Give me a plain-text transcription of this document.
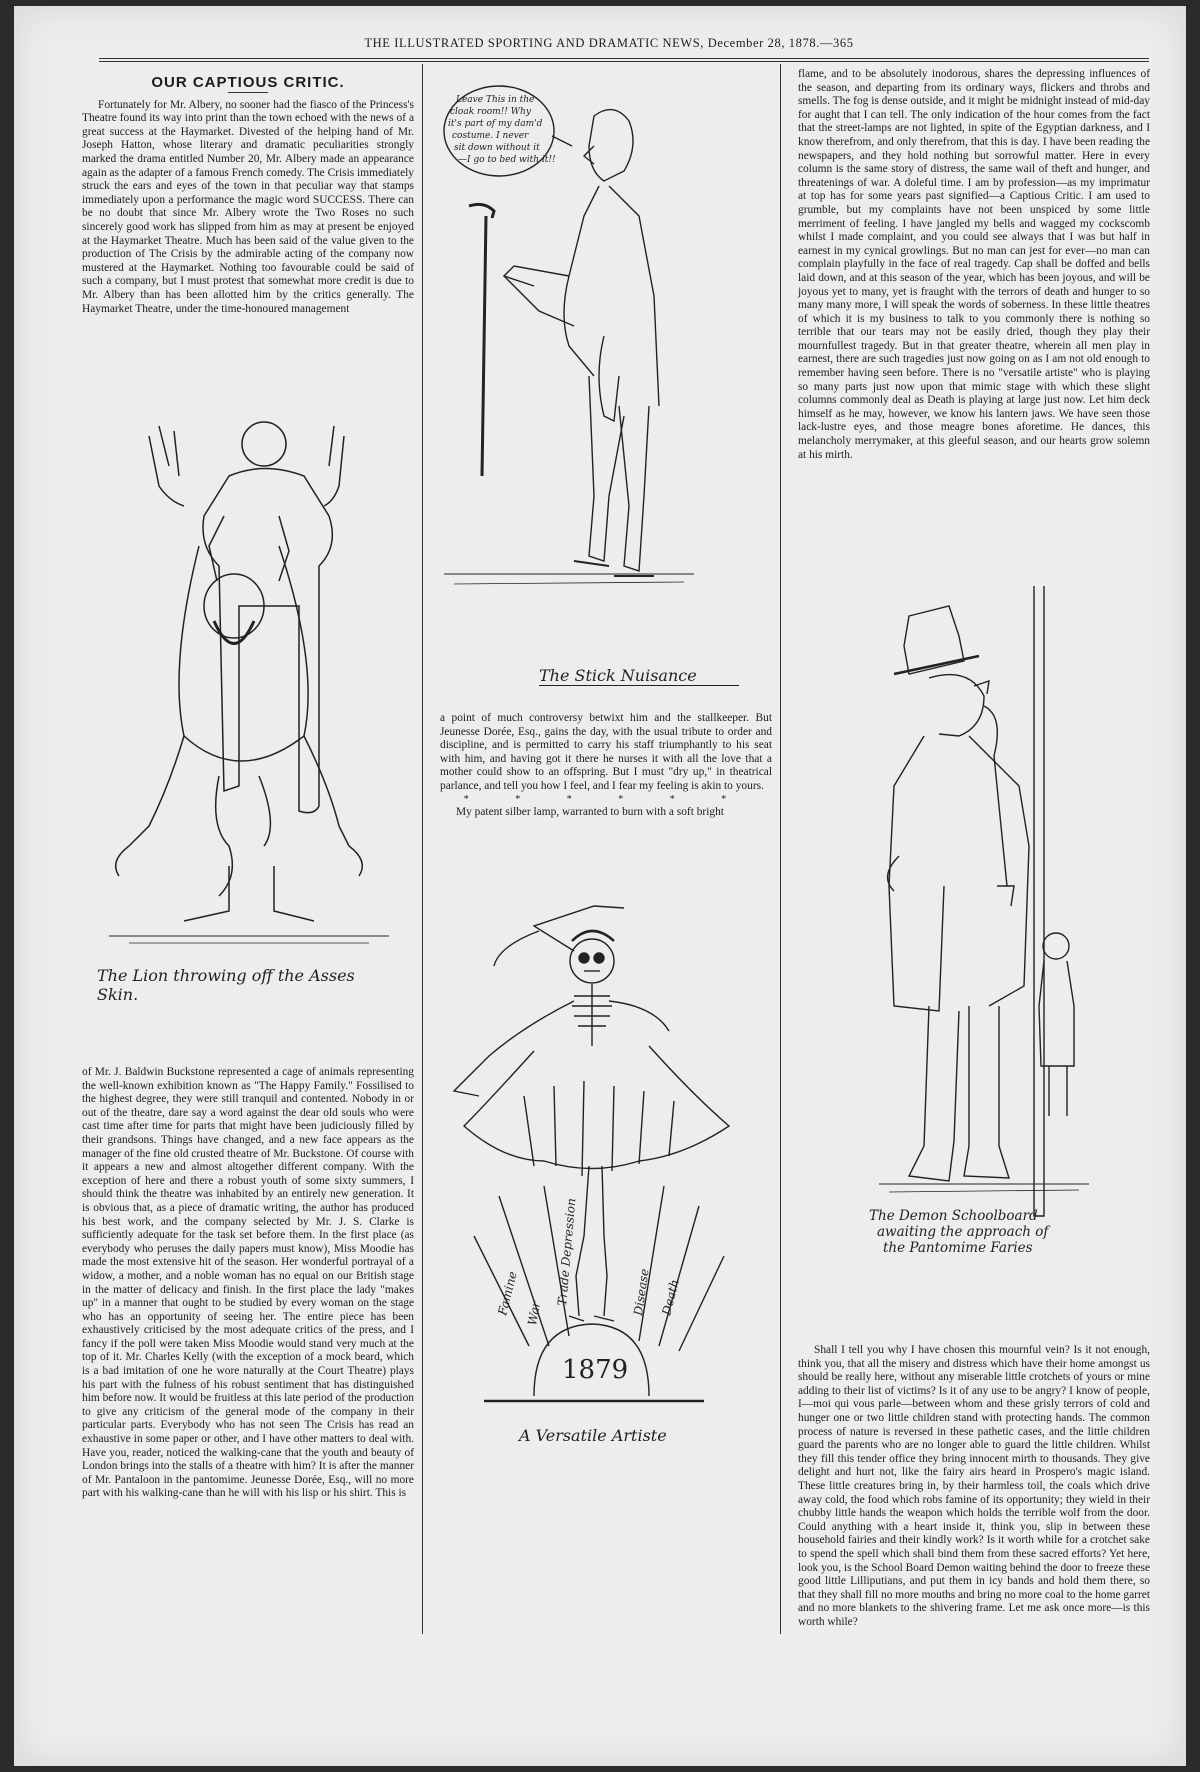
THE ILLUSTRATED SPORTING AND DRAMATIC NEWS, December 28, 1878.—365
OUR CAPTIOUS CRITIC.

Fortunately for Mr. Albery, no sooner had the fiasco of the Princess's Theatre found its way into print than the town echoed with the news of a great success at the Haymarket. Divested of the helping hand of Mr. Joseph Hatton, whose literary and dramatic peculiarities strongly marked the drama entitled Number 20, Mr. Albery made an appearance again as the adapter of a famous French comedy. The Crisis immediately struck the ears and eyes of the town in that peculiar way that stamps immediately upon a performance the magic word SUCCESS. There can be no doubt that since Mr. Albery wrote the Two Roses no such sincerely good work has slipped from him as may at present be enjoyed at the Haymarket Theatre. Much has been said of the value given to the production of The Crisis by the admirable acting of the company now mustered at the Haymarket. Nothing too favourable could be said of such a company, but I must protest that somewhat more credit is due to Mr. Albery than has been allotted him by the critics generally. The Haymarket Theatre, under the time-honoured management

The Lion throwing off the Asses Skin.

of Mr. J. Baldwin Buckstone represented a cage of animals representing the well-known exhibition known as "The Happy Family." Fossilised to the highest degree, they were still tranquil and contented. Nobody in or out of the theatre, dare say a word against the dear old souls who were cast time after time for parts that might have been judiciously filled by their grandsons. Things have changed, and a new face appears as the manager of the fine old crusted theatre of Mr. Buckstone. Of course with it appears a new and almost altogether different company. With the exception of here and there a robust youth of some sixty summers, I should think the theatre was inhabited by an entirely new generation. It is obvious that, as a piece of dramatic writing, the author has produced his best work, and the company selected by Mr. J. S. Clarke is sufficiently adequate for the task set before them. In the first place (as everybody who peruses the daily papers must know), Miss Moodie has made the most extensive hit of the season. Her wonderful portrayal of a widow, a mother, and a noble woman has no equal on our British stage in the matter of delicacy and finish. In the first place the lady "makes up" in a manner that ought to be studied by every woman on the stage who has an opportunity of seeing her. The entire piece has been exhaustively criticised by the most adequate critics of the press, and I fancy if the poll were taken Miss Moodie would stand very much at the top of it. Mr. Charles Kelly (with the exception of a mock beard, which is a bad imitation of one he wore naturally at the Court Theatre) plays his part with the fulness of his robust sentiment that has distinguished him before now. It would be fruitless at this late period of the production to give any criticism of the general mode of the company in their particular parts. Everybody who has not seen The Crisis has read an exhaustive in some paper or other, and I have other matters to deal with. Have you, reader, noticed the walking-cane that the youth and beauty of London brings into the stalls of a theatre with him? It is after the manner of Mr. Pantaloon in the pantomime. Jeunesse Dorée, Esq., will no more part with his walking-cane than he will with his lisp or his shirt. This is

Leave This in the
cloak room!! Why
it's part of my dam'd
costume. I never
sit down without it
—I go to bed with it!!
The Stick Nuisance

a point of much controversy betwixt him and the stallkeeper. But Jeunesse Dorée, Esq., gains the day, with the usual tribute to order and discipline, and is permitted to carry his staff triumphantly to his seat with him, and having got it there he nurses it with all the love that a mother could show to an offspring. But I must "dry up," in theatrical parlance, and tell you how I feel, and I fear my feeling is akin to yours.

* * * * * *

My patent silber lamp, warranted to burn with a soft bright

Famine War
Trade Depression	Disease Death
1879
A Versatile Artiste

flame, and to be absolutely inodorous, shares the depressing influences of the season, and departing from its ordinary ways, flickers and throbs and smells. The fog is dense outside, and it might be midnight instead of mid-day for aught that I can tell. The only indication of the hour comes from the fact that the street-lamps are not lighted, in spite of the Egyptian darkness, and I know therefrom, and only therefrom, that this is day. I have been reading the newspapers, and they hold nothing but sorrowful matter. Here in every column is the same story of distress, the same wail of theft and hunger, and threatenings of war. A doleful time. I am by profession—as my imprimatur at top has for some years past signified—a Captious Critic. I am used to grumble, but my complaints have not been unspiced by some little merriment of feeling. I have jangled my bells and wagged my cockscomb whilst I made complaint, and you could see always that I was but half in earnest in my cynical growlings. But no man can jest for ever—no man can complain playfully in the face of real tragedy. Cap shall be doffed and bells laid down, and at this season of the year, which has been joyous, and will be joyous yet to many, yet is fraught with the terrors of death and hunger to so many many more, I will speak the words of soberness. In these little theatres of which it is my business to talk to you commonly there is nothing so terrible that our tears may not be easily dried, though they play their mournfullest tragedy. But in that greater theatre, wherein all men play in earnest, there are such tragedies just now going on as I am not old enough to remember having seen before. There is no "versatile artiste" who is playing so many parts just now upon that mimic stage with which these slight columns commonly deal as Death is playing at large just now. Let him deck himself as he may, however, we know his lantern jaws. We have seen those lack-lustre eyes, and those meagre bones aforetime. He dances, this melancholy merrymaker, at this gleeful season, and our hearts grow solemn at his mirth.

The Demon Schoolboard
awaiting the approach of
the Pantomime Faries

Shall I tell you why I have chosen this mournful vein? Is it not enough, think you, that all the misery and distress which have their home amongst us should be really here, without any miserable little crotchets of yours or mine adding to their list of victims? Is it of any use to be angry? I know of people, I—moi qui vous parle—between whom and these grisly terrors of cold and hunger one or two little children stand with protecting hands. The common process of nature is reversed in these pathetic cases, and the little children guard the parents who are no longer able to guard the little children. Whilst they fill this tender office they bring innocent mirth to thousands. They give delight and hurt not, like the fairy airs heard in Prospero's magic island. These little creatures bring in, by their harmless toil, the coals which drive away cold, the food which robs famine of its opportunity; they wield in their chubby little hands the weapon which holds the terrible wolf from the door. Could anything with a heart inside it, think you, slip in between these household fairies and their kindly work? Is it worth while for a crotchet sake to spend the spell which shall bind them from these sacred efforts? Yet here, look you, is the School Board Demon waiting behind the door to freeze these good little Lilliputians, and put them in icy bands and hold them there, so that they shall fill no more mouths and bring no more coal to the home garret and no more blankets to the shivering frame. Let me ask once more—is this worth while?
